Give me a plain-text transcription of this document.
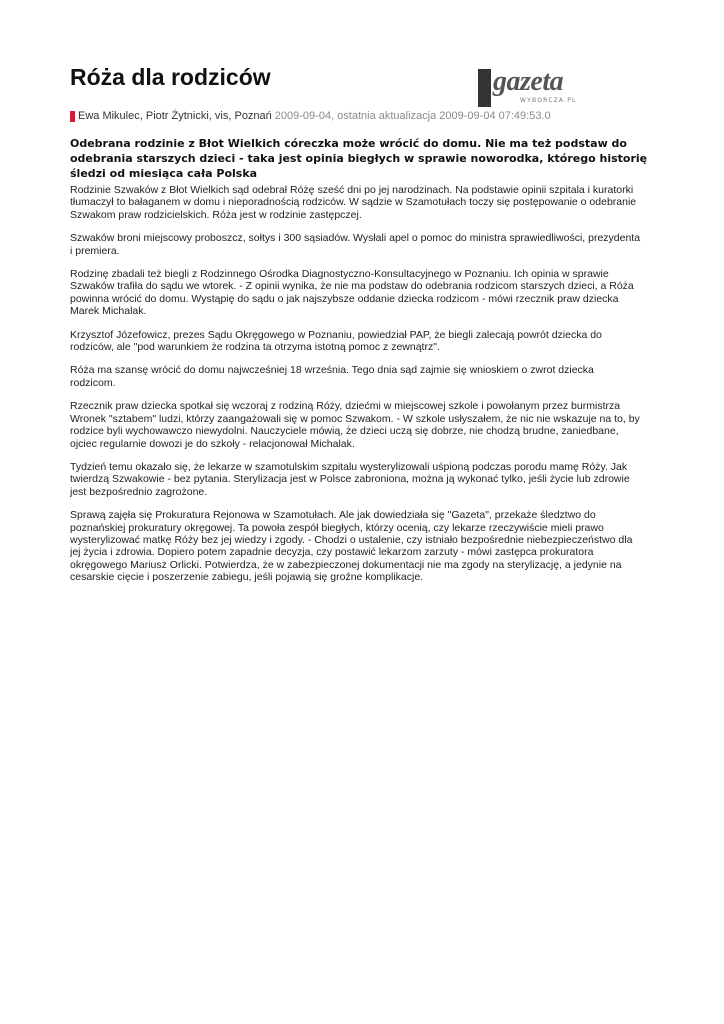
Róża dla rodziców	gazeta
WYBORCZA.PL
Ewa Mikulec, Piotr Żytnicki, vis, Poznań 2009-09-04, ostatnia aktualizacja 2009-09-04 07:49:53.0

Odebrana rodzinie z Błot Wielkich córeczka może wrócić do domu. Nie ma też podstaw do odebrania starszych dzieci - taka jest opinia biegłych w sprawie noworodka, którego historię śledzi od miesiąca cała Polska

Rodzinie Szwaków z Błot Wielkich sąd odebrał Różę sześć dni po jej narodzinach. Na podstawie opinii szpitala i kuratorki
tłumaczył to bałaganem w domu i nieporadnością rodziców. W sądzie w Szamotułach toczy się postępowanie o odebranie
Szwakom praw rodzicielskich. Róża jest w rodzinie zastępczej.

Szwaków broni miejscowy proboszcz, sołtys i 300 sąsiadów. Wysłali apel o pomoc do ministra sprawiedliwości, prezydenta
i premiera.

Rodzinę zbadali też biegli z Rodzinnego Ośrodka Diagnostyczno-Konsultacyjnego w Poznaniu. Ich opinia w sprawie
Szwaków trafiła do sądu we wtorek. - Z opinii wynika, że nie ma podstaw do odebrania rodzicom starszych dzieci, a Róża
powinna wrócić do domu. Wystąpię do sądu o jak najszybsze oddanie dziecka rodzicom - mówi rzecznik praw dziecka
Marek Michalak.

Krzysztof Józefowicz, prezes Sądu Okręgowego w Poznaniu, powiedział PAP, że biegli zalecają powrót dziecka do
rodziców, ale "pod warunkiem że rodzina ta otrzyma istotną pomoc z zewnątrz".

Róża ma szansę wrócić do domu najwcześniej 18 września. Tego dnia sąd zajmie się wnioskiem o zwrot dziecka
rodzicom.

Rzecznik praw dziecka spotkał się wczoraj z rodziną Róży, dziećmi w miejscowej szkole i powołanym przez burmistrza
Wronek "sztabem" ludzi, którzy zaangażowali się w pomoc Szwakom. - W szkole usłyszałem, że nic nie wskazuje na to, by
rodzice byli wychowawczo niewydolni. Nauczyciele mówią, że dzieci uczą się dobrze, nie chodzą brudne, zaniedbane,
ojciec regularnie dowozi je do szkoły - relacjonował Michalak.

Tydzień temu okazało się, że lekarze w szamotulskim szpitalu wysterylizowali uśpioną podczas porodu mamę Róży. Jak
twierdzą Szwakowie - bez pytania. Sterylizacja jest w Polsce zabroniona, można ją wykonać tylko, jeśli życie lub zdrowie
jest bezpośrednio zagrożone.

Sprawą zajęła się Prokuratura Rejonowa w Szamotułach. Ale jak dowiedziała się "Gazeta", przekaże śledztwo do
poznańskiej prokuratury okręgowej. Ta powoła zespół biegłych, którzy ocenią, czy lekarze rzeczywiście mieli prawo
wysterylizować matkę Róży bez jej wiedzy i zgody. - Chodzi o ustalenie, czy istniało bezpośrednie niebezpieczeństwo dla
jej życia i zdrowia. Dopiero potem zapadnie decyzja, czy postawić lekarzom zarzuty - mówi zastępca prokuratora
okręgowego Mariusz Orlicki. Potwierdza, że w zabezpieczonej dokumentacji nie ma zgody na sterylizację, a jedynie na
cesarskie cięcie i poszerzenie zabiegu, jeśli pojawią się groźne komplikacje.
